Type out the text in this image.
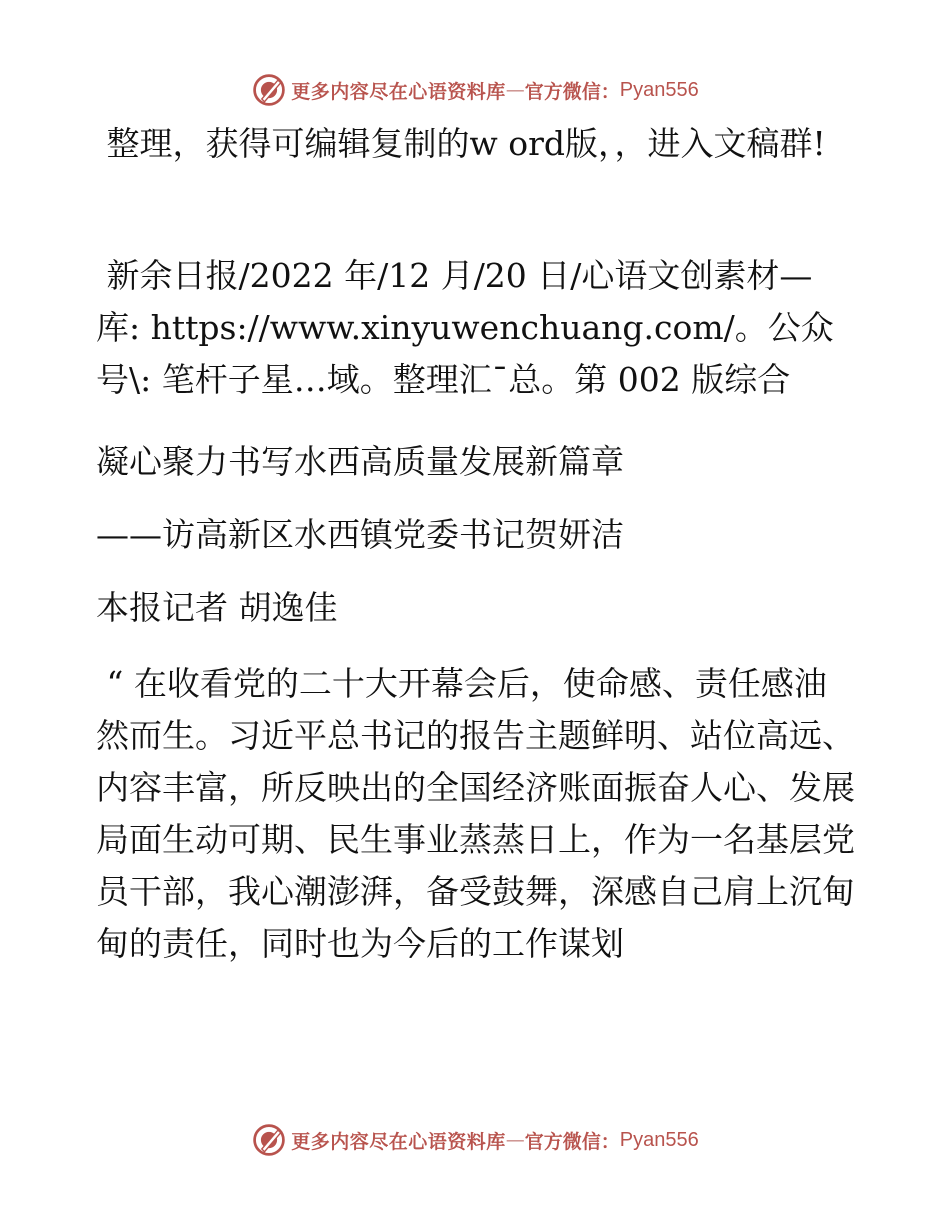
更多内容尽在心语资料库 — 官方微信： Pyan556

整理，获得可编辑复制的w ord版，，进入文稿群!

新余日报/2022 年/12 月/20 日/心语文创素材—库: https://www.xinyuwenchuang.com/。公众号\: 笔杆子星…域。整理汇¯总。第 002 版综合

凝心聚力书写水西高质量发展新篇章

——访高新区水西镇党委书记贺妍洁

本报记者 胡逸佳

“ 在收看党的二十大开幕会后，使命感、责任感油然而生。习近平总书记的报告主题鲜明、站位高远、内容丰富，所反映出的全国经济账面振奋人心、发展局面生动可期、民生事业蒸蒸日上，作为一名基层党员干部，我心潮澎湃，备受鼓舞，深感自己肩上沉甸甸的责任，同时也为今后的工作谋划

更多内容尽在心语资料库 — 官方微信： Pyan556
